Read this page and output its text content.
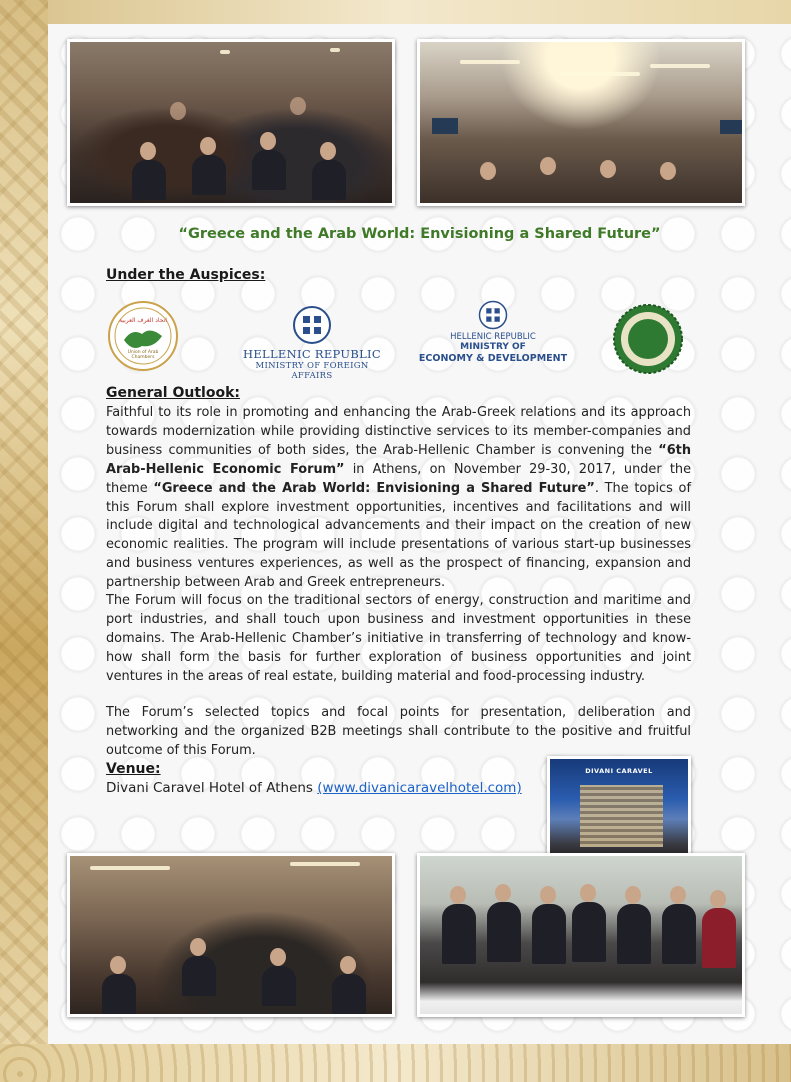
“Greece and the Arab World: Envisioning a Shared Future”
Under the Auspices:
اتحاد الغرف العربية
Union of Arab Chambers	HELLENIC REPUBLIC
MINISTRY OF FOREIGN AFFAIRS
HELLENIC REPUBLIC
MINISTRY OF
ECONOMY & DEVELOPMENT
General Outlook:
Faithful to its role in promoting and enhancing the Arab-Greek relations and its approach towards modernization while providing distinctive services to its member-companies and business communities of both sides, the Arab-Hellenic Chamber is convening the “6th Arab-Hellenic Economic Forum” in Athens, on November 29-30, 2017, under the theme “Greece and the Arab World: Envisioning a Shared Future”. The topics of this Forum shall explore investment opportunities, incentives and facilitations and will include digital and technological advancements and their impact on the creation of new economic realities. The program will include presentations of various start-up businesses and business ventures experiences, as well as the prospect of financing, expansion and partnership between Arab and Greek entrepreneurs.
The Forum will focus on the traditional sectors of energy, construction and maritime and port industries, and shall touch upon business and investment opportunities in these domains. The Arab-Hellenic Chamber’s initiative in transferring of technology and know-how shall form the basis for further exploration of business opportunities and joint ventures in the areas of real estate, building material and food-processing industry.
The Forum’s selected topics and focal points for presentation, deliberation and networking and the organized B2B meetings shall contribute to the positive and fruitful outcome of this Forum.
Venue:
Divani Caravel Hotel of Athens (www.divanicaravelhotel.com)
DIVANI CARAVEL
